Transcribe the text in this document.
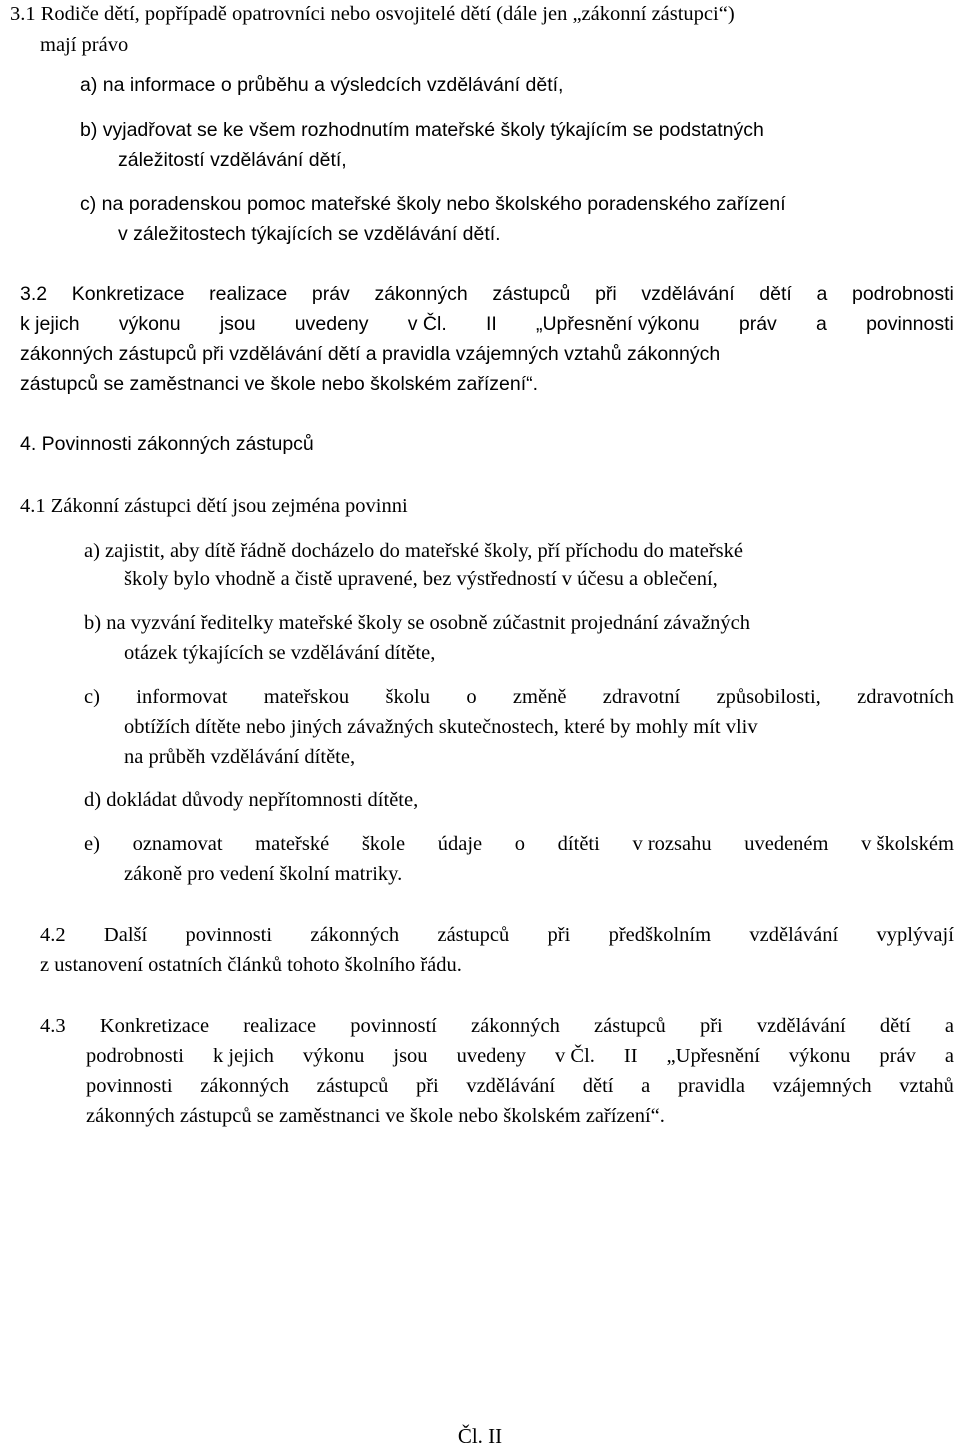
3.1 Rodiče dětí, popřípadě opatrovníci nebo osvojitelé dětí (dále jen „zákonní zástupci“)
mají právo
a) na informace o průběhu a výsledcích vzdělávání dětí,
b) vyjadřovat se ke všem rozhodnutím mateřské školy týkajícím se podstatných
záležitostí vzdělávání dětí,
c) na poradenskou pomoc mateřské školy nebo školského poradenského zařízení
v záležitostech týkajících se vzdělávání dětí.
3.2 Konkretizace realizace práv zákonných zástupců při vzdělávání dětí a podrobnosti
k jejich výkonu jsou uvedeny v Čl. II „Upřesnění výkonu práv a povinnosti
zákonných zástupců při vzdělávání dětí a pravidla vzájemných vztahů zákonných
zástupců se zaměstnanci ve škole nebo školském zařízení“.
4. Povinnosti zákonných zástupců
4.1 Zákonní zástupci dětí jsou zejména povinni
a) zajistit, aby dítě řádně docházelo do mateřské školy, pří příchodu do mateřské
školy bylo vhodně a čistě upravené, bez výstředností v účesu a oblečení,
b) na vyzvání ředitelky mateřské školy se osobně zúčastnit projednání závažných
otázek týkajících se vzdělávání dítěte,
c) informovat mateřskou školu o změně zdravotní způsobilosti, zdravotních
obtížích dítěte nebo jiných závažných skutečnostech, které by mohly mít vliv
na průběh vzdělávání dítěte,
d) dokládat důvody nepřítomnosti dítěte,
e) oznamovat mateřské škole údaje o dítěti v rozsahu uvedeném v školském
zákoně pro vedení školní matriky.
4.2 Další povinnosti zákonných zástupců při předškolním vzdělávání vyplývají
z ustanovení ostatních článků tohoto školního řádu.
4.3 Konkretizace realizace povinností zákonných zástupců při vzdělávání dětí a
podrobnosti k jejich výkonu jsou uvedeny v Čl. II „Upřesnění výkonu práv a
povinnosti zákonných zástupců při vzdělávání dětí a pravidla vzájemných vztahů
zákonných zástupců se zaměstnanci ve škole nebo školském zařízení“.
Čl. II
